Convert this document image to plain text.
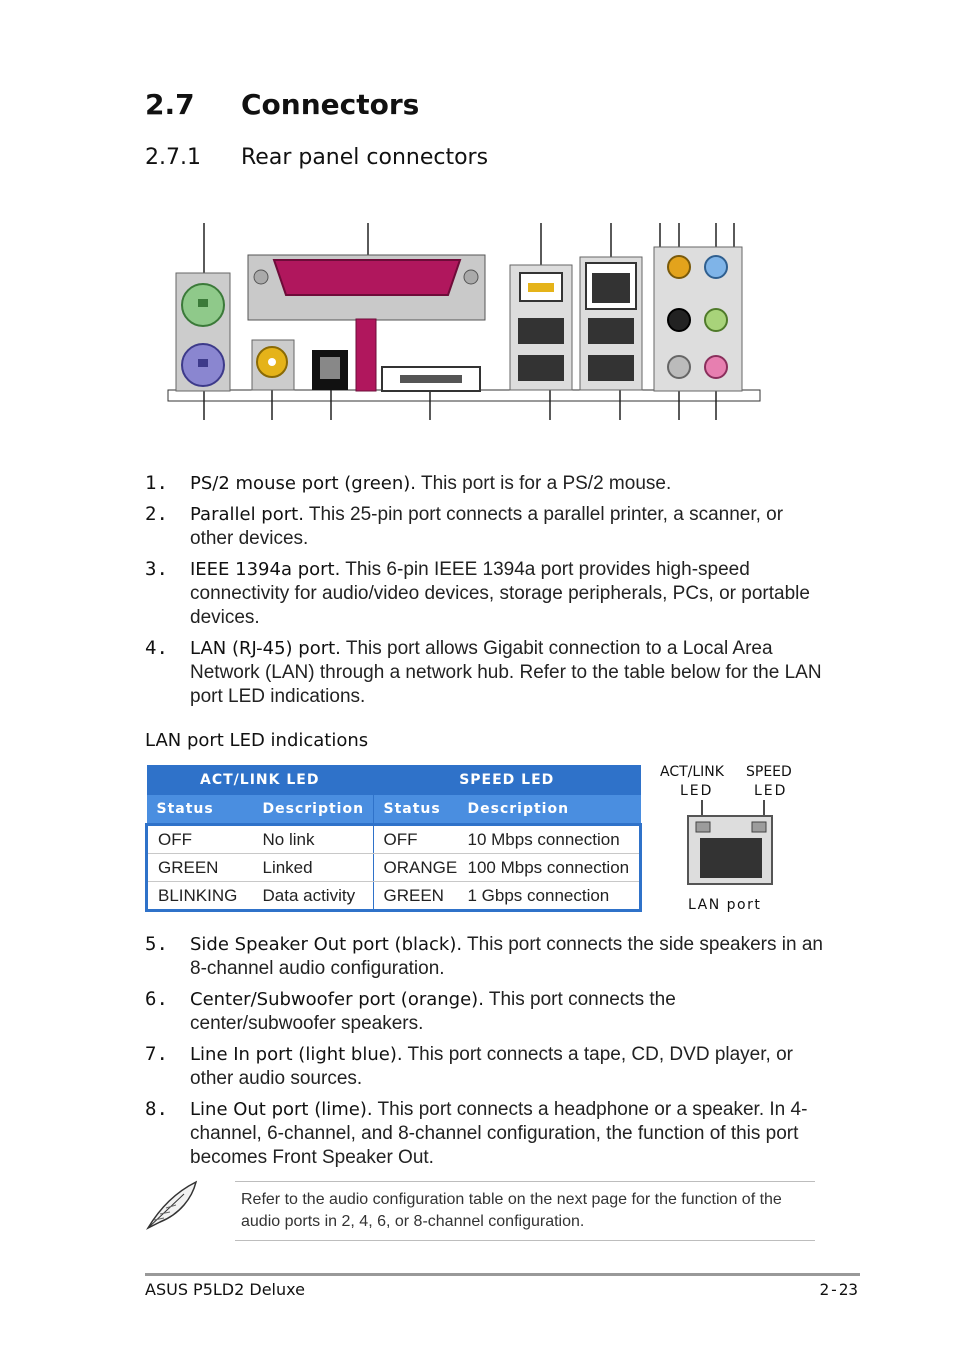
2.7 Connectors
2.7.1 Rear panel connectors
1. PS/2 mouse port (green). This port is for a PS/2 mouse.
2. Parallel port. This 25-pin port connects a parallel printer, a scanner, or other devices.
3. IEEE 1394a port. This 6-pin IEEE 1394a port provides high-speed connectivity for audio/video devices, storage peripherals, PCs, or portable devices.
4. LAN (RJ-45) port. This port allows Gigabit connection to a Local Area Network (LAN) through a network hub. Refer to the table below for the LAN port LED indications.
LAN port LED indications
ACT/LINK LED		SPEED LED	
Status	Description	Status	Description
OFF	No link	OFF	10 Mbps connection
GREEN	Linked	ORANGE	100 Mbps connection
BLINKING	Data activity	GREEN	1 Gbps connection
ACT/LINK
LED
SPEED
LED
LAN port
5. Side Speaker Out port (black). This port connects the side speakers in an 8-channel audio configuration.
6. Center/Subwoofer port (orange). This port connects the center/subwoofer speakers.
7. Line In port (light blue). This port connects a tape, CD, DVD player, or other audio sources.
8. Line Out port (lime). This port connects a headphone or a speaker. In 4-channel, 6-channel, and 8-channel configuration, the function of this port becomes Front Speaker Out.
Refer to the audio configuration table on the next page for the function of the audio ports in 2, 4, 6, or 8-channel configuration.
ASUS P5LD2 Deluxe	2-23
